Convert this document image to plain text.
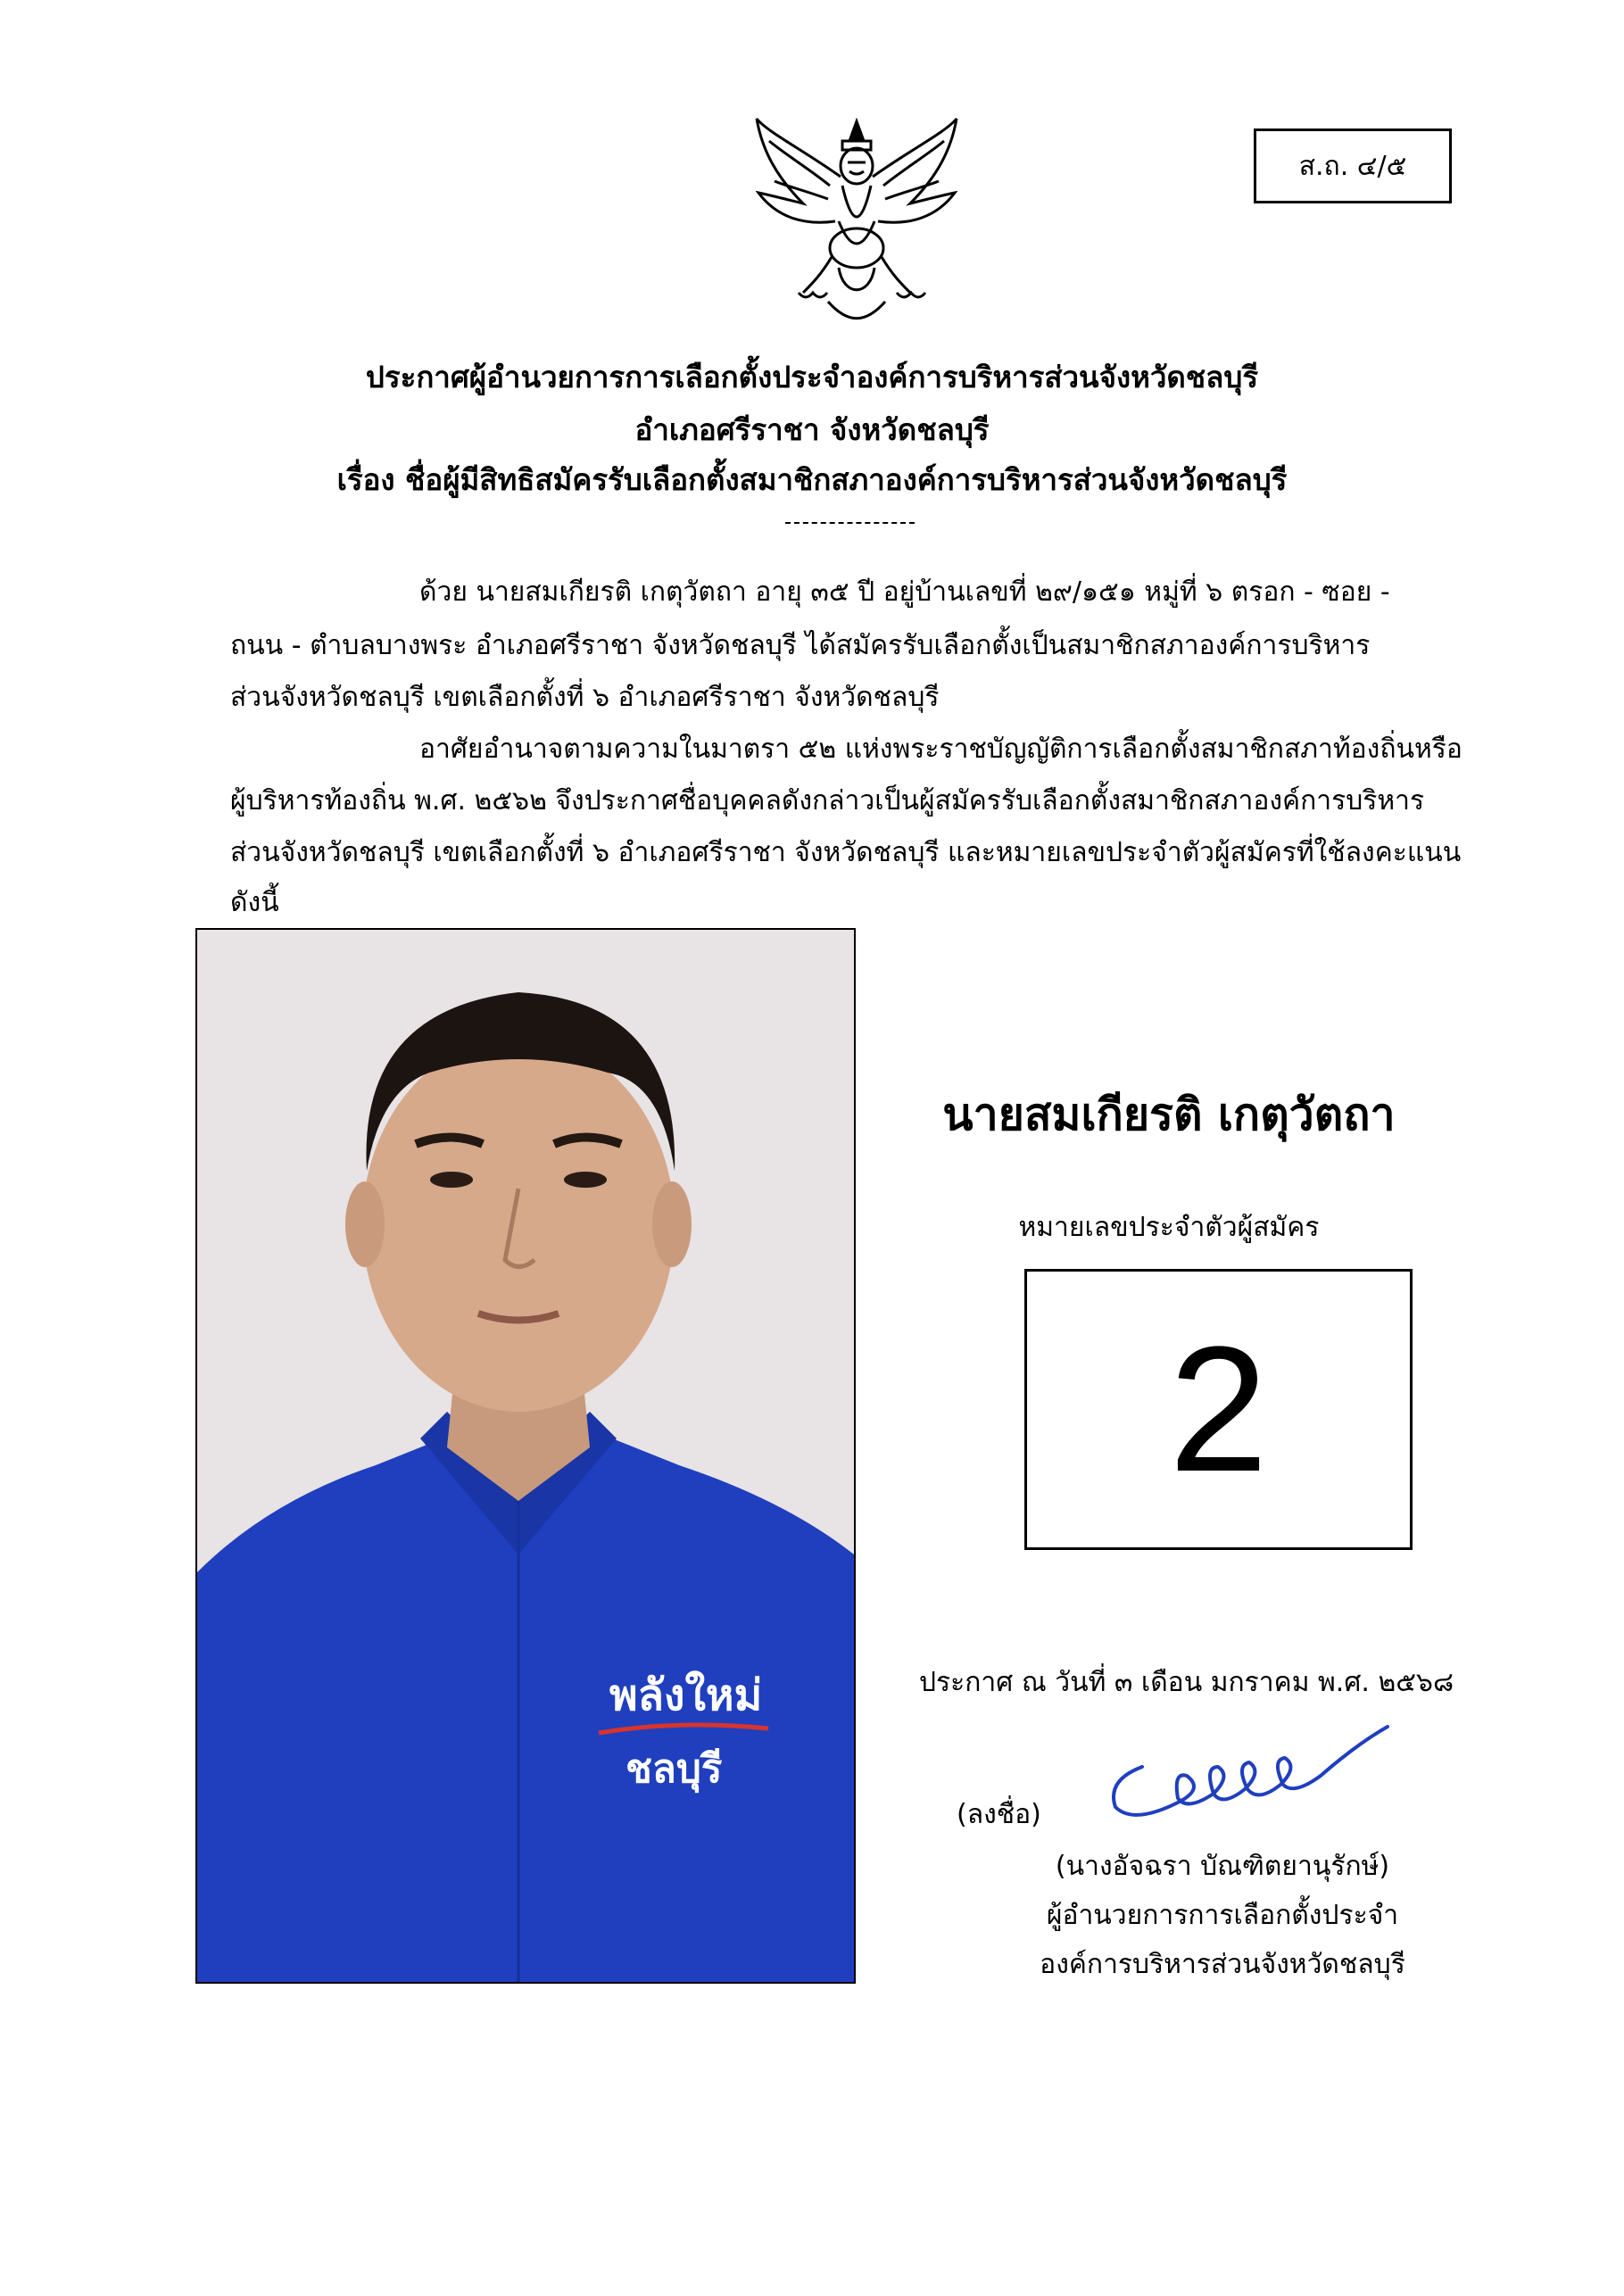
ส.ถ. ๔/๕
ประกาศผู้อำนวยการการเลือกตั้งประจำองค์การบริหารส่วนจังหวัดชลบุรี
อำเภอศรีราชา จังหวัดชลบุรี
เรื่อง ชื่อผู้มีสิทธิสมัครรับเลือกตั้งสมาชิกสภาองค์การบริหารส่วนจังหวัดชลบุรี
ด้วย นายสมเกียรติ เกตุวัตถา อายุ ๓๕ ปี อยู่บ้านเลขที่ ๒๙/๑๕๑ หมู่ที่ ๖ ตรอก - ซอย -
ถนน - ตำบลบางพระ อำเภอศรีราชา จังหวัดชลบุรี ได้สมัครรับเลือกตั้งเป็นสมาชิกสภาองค์การบริหาร
ส่วนจังหวัดชลบุรี เขตเลือกตั้งที่ ๖ อำเภอศรีราชา จังหวัดชลบุรี
อาศัยอำนาจตามความในมาตรา ๕๒ แห่งพระราชบัญญัติการเลือกตั้งสมาชิกสภาท้องถิ่นหรือ
ผู้บริหารท้องถิ่น พ.ศ. ๒๕๖๒ จึงประกาศชื่อบุคคลดังกล่าวเป็นผู้สมัครรับเลือกตั้งสมาชิกสภาองค์การบริหาร
ส่วนจังหวัดชลบุรี เขตเลือกตั้งที่ ๖ อำเภอศรีราชา จังหวัดชลบุรี และหมายเลขประจำตัวผู้สมัครที่ใช้ลงคะแนน
ดังนี้
พลังใหม่
ชลบุรี
นายสมเกียรติ เกตุวัตถา
หมายเลขประจำตัวผู้สมัคร
2
ประกาศ ณ วันที่ ๓ เดือน มกราคม พ.ศ. ๒๕๖๘
(ลงชื่อ)
(นางอัจฉรา บัณฑิตยานุรักษ์)
ผู้อำนวยการการเลือกตั้งประจำ
องค์การบริหารส่วนจังหวัดชลบุรี
